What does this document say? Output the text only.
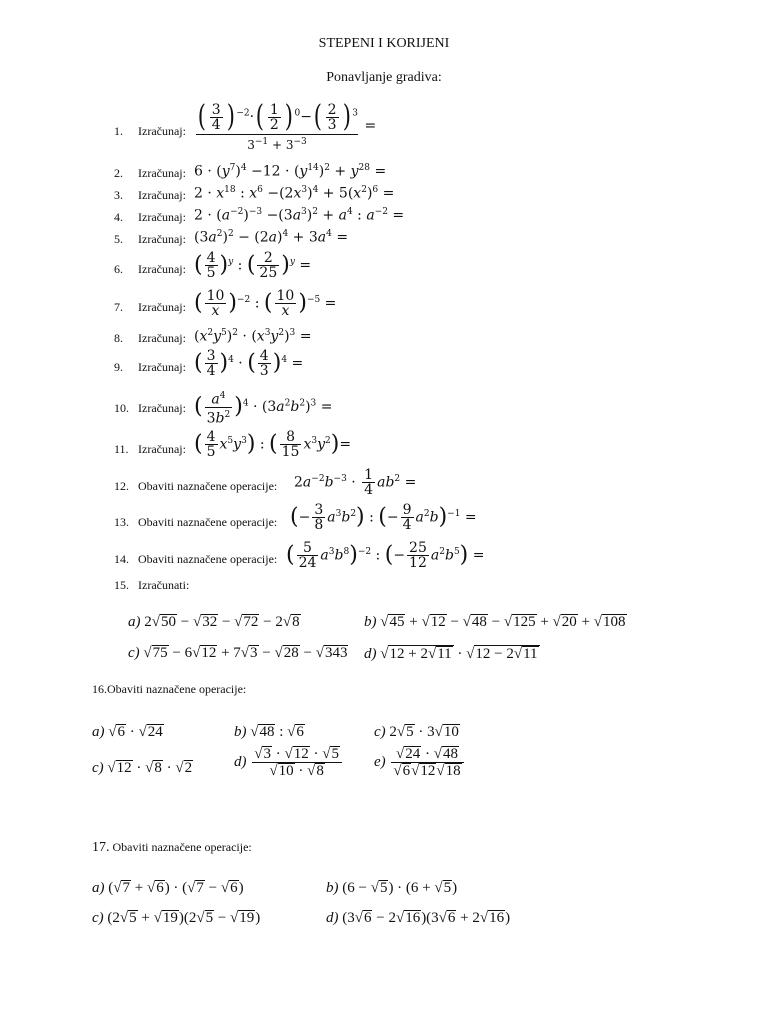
STEPENI I KORIJENI
Ponavljanje gradiva:
1. Izračunaj: $\frac{( \frac{3}{4} ) ^{-2}\cdot( \frac{1}{2} ) ^0-( \frac{2}{3} ) ^3}{3^{-1} + 3^{-3}}$ =
2. Izračunaj: $6 \cdot (y^7)^4 -12 \cdot (y^{14})^2 + y^{28}$ =
3. Izračunaj: $2 \cdot x^{18}$ : $x^6 -(2x^3)^4 + 5(x^2)^6$ =
4. Izračunaj: $2 \cdot (a^{-2})^{-3} -(3a^3)^2 + a^4$ : $a^{-2}$ =
5. Izračunaj: $(3a^2)^2 - (2a)^4 + 3a^4$ =
6. Izračunaj: ( $\frac{4}{5} )^y$ : ( $\frac{2}{25} )^y$ =
7. Izračunaj: ( $\frac{10}{x} )^{-2}$ : ( $\frac{10}{x} )^{-5}$ =
8. Izračunaj: $(x^2y^5)^2 \cdot (x^3y^2)^3$ =
9. Izračunaj: ( $\frac{3}{4} )^4$ · ( $\frac{4}{3} )^4$ =
10. Izračunaj: ( $\frac{a^4}{3b^2} )^4 \cdot (3a^2b^2)^3$ =
11. Izračunaj: ( $\frac{4}{5} x^5y^3$) : ( $\frac{8}{15} x^3y^2)=$
12. Obaviti naznačene operacije: $2a^{-2}b^{-3} \cdot \frac{1}{4} ab^2$ =
13. Obaviti naznačene operacije: (− $\frac{3}{8} a^3b^2$) : (− $\frac{9}{4} a^2b)^{-1}$ =
14. Obaviti naznačene operacije: ( $\frac{5}{24} a^3b^8)^{-2}$ : (− $\frac{25}{12} a^2b^5$) =
15. Izračunati:
a) 2√50 − √32 − √72 − 2√8	b) √45 + √12 − √48 − √125 + √20 + √108
c) √75 − 6√12 + 7√3 − √28 − √343 d) √12 + 2√11 · √12 − 2√11
16.Obaviti naznačene operacije:
a) √6 · √24	b) √48 : √6	c) 2√5 · 3√10
c) √12 · √8 · √2	$d) \frac{√3 \cdot √12 \cdot √5}{√10 \cdot √8} e) \frac{√24 \cdot √48}{√6√12√18}$
17. Obaviti naznačene operacije:
a) (√7 + √6) · (√7 − √6)	b) (6 − √5) · (6 + √5)
c) (2√5 + √19)(2√5 − √19)	d) (3√6 − 2√16)(3√6 + 2√16)
